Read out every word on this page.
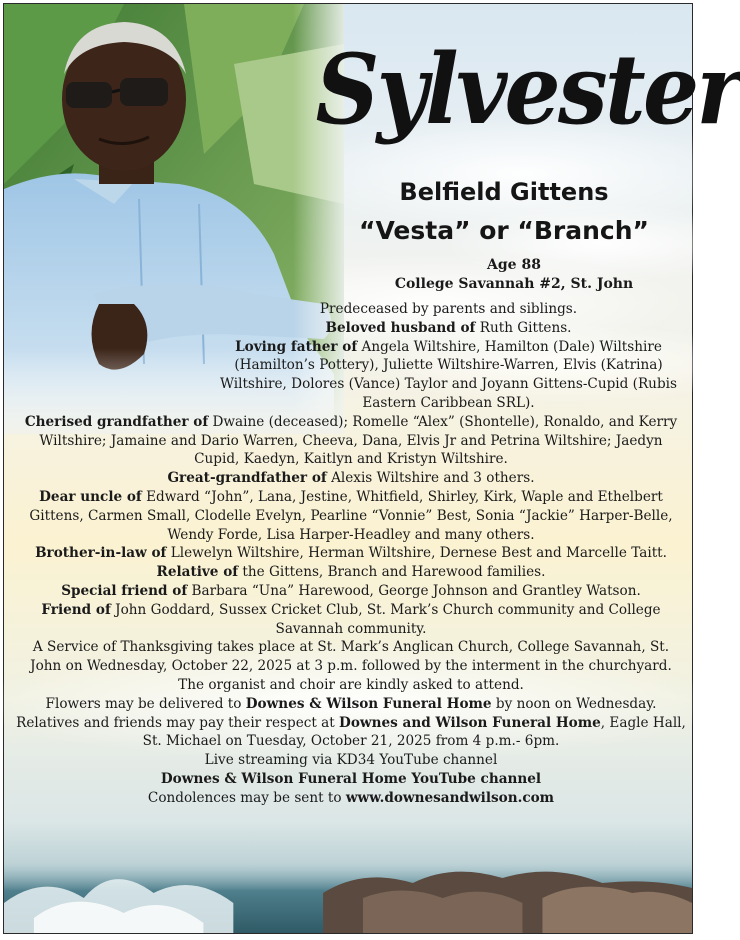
Sylvester
Belfield Gittens
“Vesta” or “Branch”
Age 88
College Savannah #2, St. John

Predeceased by parents and siblings.

Beloved husband of Ruth Gittens.

Loving father of Angela Wiltshire, Hamilton (Dale) Wiltshire (Hamilton’s Pottery), Juliette Wiltshire-Warren, Elvis (Katrina) Wiltshire, Dolores (Vance) Taylor and Joyann Gittens-Cupid (Rubis Eastern Caribbean SRL).

Cherised grandfather of Dwaine (deceased); Romelle “Alex” (Shontelle), Ronaldo, and Kerry Wiltshire; Jamaine and Dario Warren, Cheeva, Dana, Elvis Jr and Petrina Wiltshire; Jaedyn Cupid, Kaedyn, Kaitlyn and Kristyn Wiltshire.

Great-grandfather of Alexis Wiltshire and 3 others.

Dear uncle of Edward “John”, Lana, Jestine, Whitfield, Shirley, Kirk, Waple and Ethelbert Gittens, Carmen Small, Clodelle Evelyn, Pearline “Vonnie” Best, Sonia “Jackie” Harper-Belle, Wendy Forde, Lisa Harper-Headley and many others.

Brother-in-law of Llewelyn Wiltshire, Herman Wiltshire, Dernese Best and Marcelle Taitt.

Relative of the Gittens, Branch and Harewood families.

Special friend of Barbara “Una” Harewood, George Johnson and Grantley Watson.

Friend of John Goddard, Sussex Cricket Club, St. Mark’s Church community and College Savannah community.

A Service of Thanksgiving takes place at St. Mark’s Anglican Church, College Savannah, St. John on Wednesday, October 22, 2025 at 3 p.m. followed by the interment in the churchyard.

The organist and choir are kindly asked to attend.

Flowers may be delivered to Downes & Wilson Funeral Home by noon on Wednesday.

Relatives and friends may pay their respect at Downes and Wilson Funeral Home, Eagle Hall, St. Michael on Tuesday, October 21, 2025 from 4 p.m.- 6pm.

Live streaming via KD34 YouTube channel

Downes & Wilson Funeral Home YouTube channel

Condolences may be sent to www.downesandwilson.com
